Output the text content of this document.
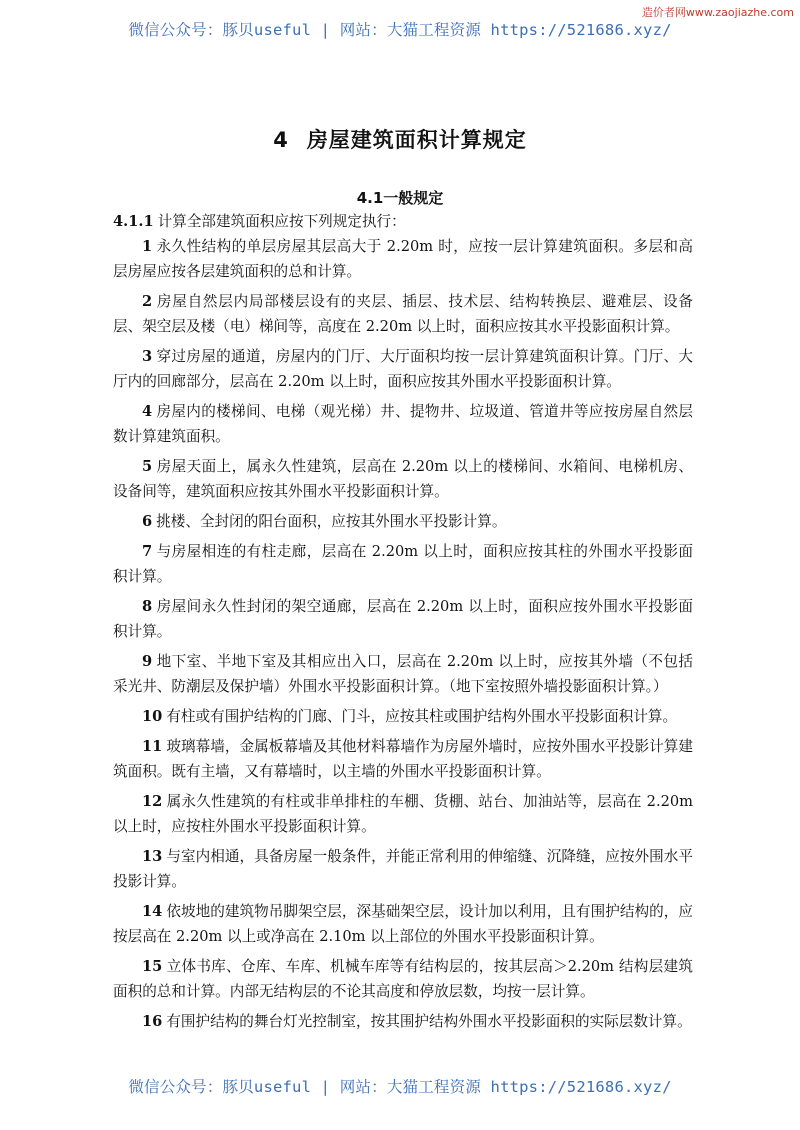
微信公众号：豚贝useful | 网站：大猫工程资源 https://521686.xyz/
造价者网www.zaojiazhe.com
4 房屋建筑面积计算规定
4.1一般规定

4.1.1 计算全部建筑面积应按下列规定执行：

1 永久性结构的单层房屋其层高大于 2.20m 时，应按一层计算建筑面积。多层和高层房屋应按各层建筑面积的总和计算。

2 房屋自然层内局部楼层设有的夹层、插层、技术层、结构转换层、避难层、设备层、架空层及楼（电）梯间等，高度在 2.20m 以上时，面积应按其水平投影面积计算。

3 穿过房屋的通道，房屋内的门厅、大厅面积均按一层计算建筑面积计算。门厅、大厅内的回廊部分，层高在 2.20m 以上时，面积应按其外围水平投影面积计算。

4 房屋内的楼梯间、电梯（观光梯）井、提物井、垃圾道、管道井等应按房屋自然层数计算建筑面积。

5 房屋天面上，属永久性建筑，层高在 2.20m 以上的楼梯间、水箱间、电梯机房、设备间等，建筑面积应按其外围水平投影面积计算。

6 挑楼、全封闭的阳台面积，应按其外围水平投影计算。

7 与房屋相连的有柱走廊，层高在 2.20m 以上时，面积应按其柱的外围水平投影面积计算。

8 房屋间永久性封闭的架空通廊，层高在 2.20m 以上时，面积应按外围水平投影面积计算。

9 地下室、半地下室及其相应出入口，层高在 2.20m 以上时，应按其外墙（不包括采光井、防潮层及保护墙）外围水平投影面积计算。（地下室按照外墙投影面积计算。）

10 有柱或有围护结构的门廊、门斗，应按其柱或围护结构外围水平投影面积计算。

11 玻璃幕墙，金属板幕墙及其他材料幕墙作为房屋外墙时，应按外围水平投影计算建筑面积。既有主墙，又有幕墙时，以主墙的外围水平投影面积计算。

12 属永久性建筑的有柱或非单排柱的车棚、货棚、站台、加油站等，层高在 2.20m 以上时，应按柱外围水平投影面积计算。

13 与室内相通，具备房屋一般条件，并能正常利用的伸缩缝、沉降缝，应按外围水平投影计算。

14 依坡地的建筑物吊脚架空层，深基础架空层，设计加以利用，且有围护结构的，应按层高在 2.20m 以上或净高在 2.10m 以上部位的外围水平投影面积计算。

15 立体书库、仓库、车库、机械车库等有结构层的，按其层高＞2.20m 结构层建筑面积的总和计算。内部无结构层的不论其高度和停放层数，均按一层计算。

16 有围护结构的舞台灯光控制室，按其围护结构外围水平投影面积的实际层数计算。

微信公众号：豚贝useful | 网站：大猫工程资源 https://521686.xyz/
